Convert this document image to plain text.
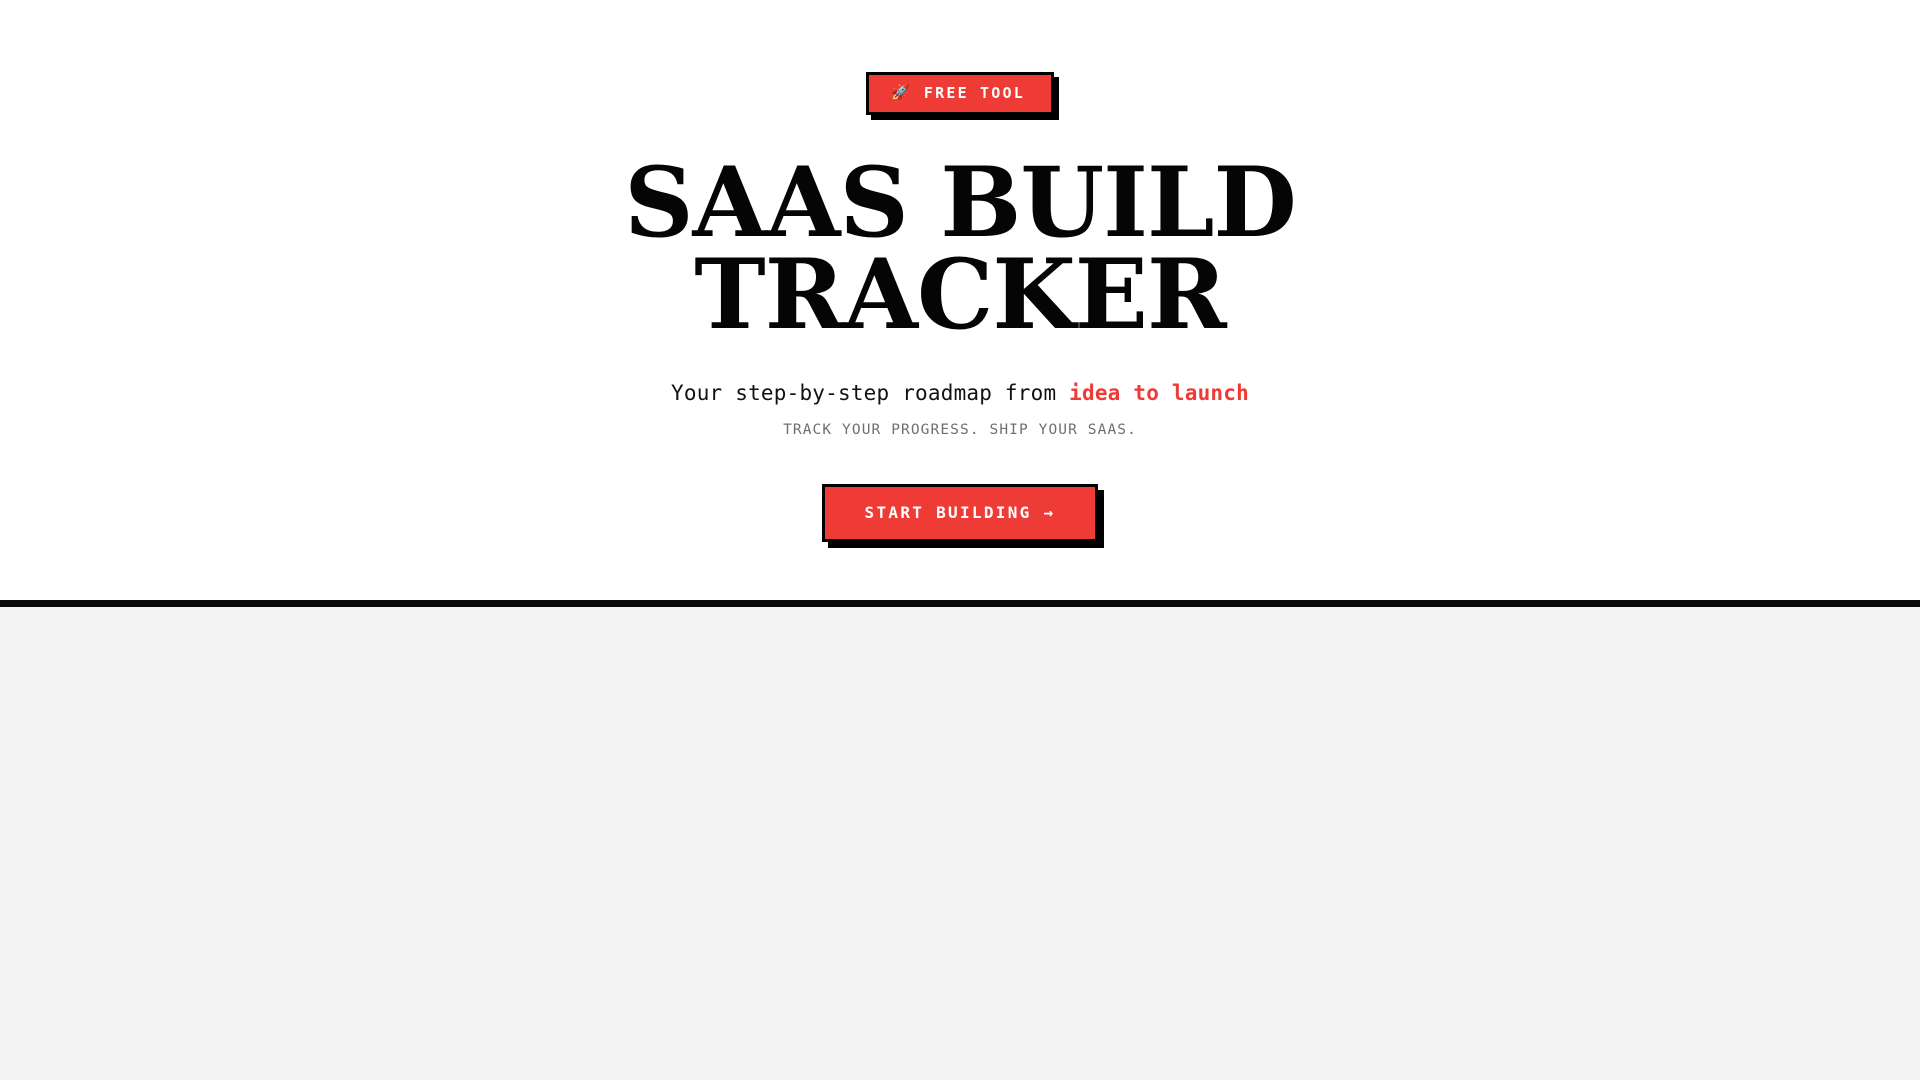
🚀 FREE TOOL
SAAS BUILD TRACKER

Your step-by-step roadmap from idea to launch

TRACK YOUR PROGRESS. SHIP YOUR SAAS.

START BUILDING →
